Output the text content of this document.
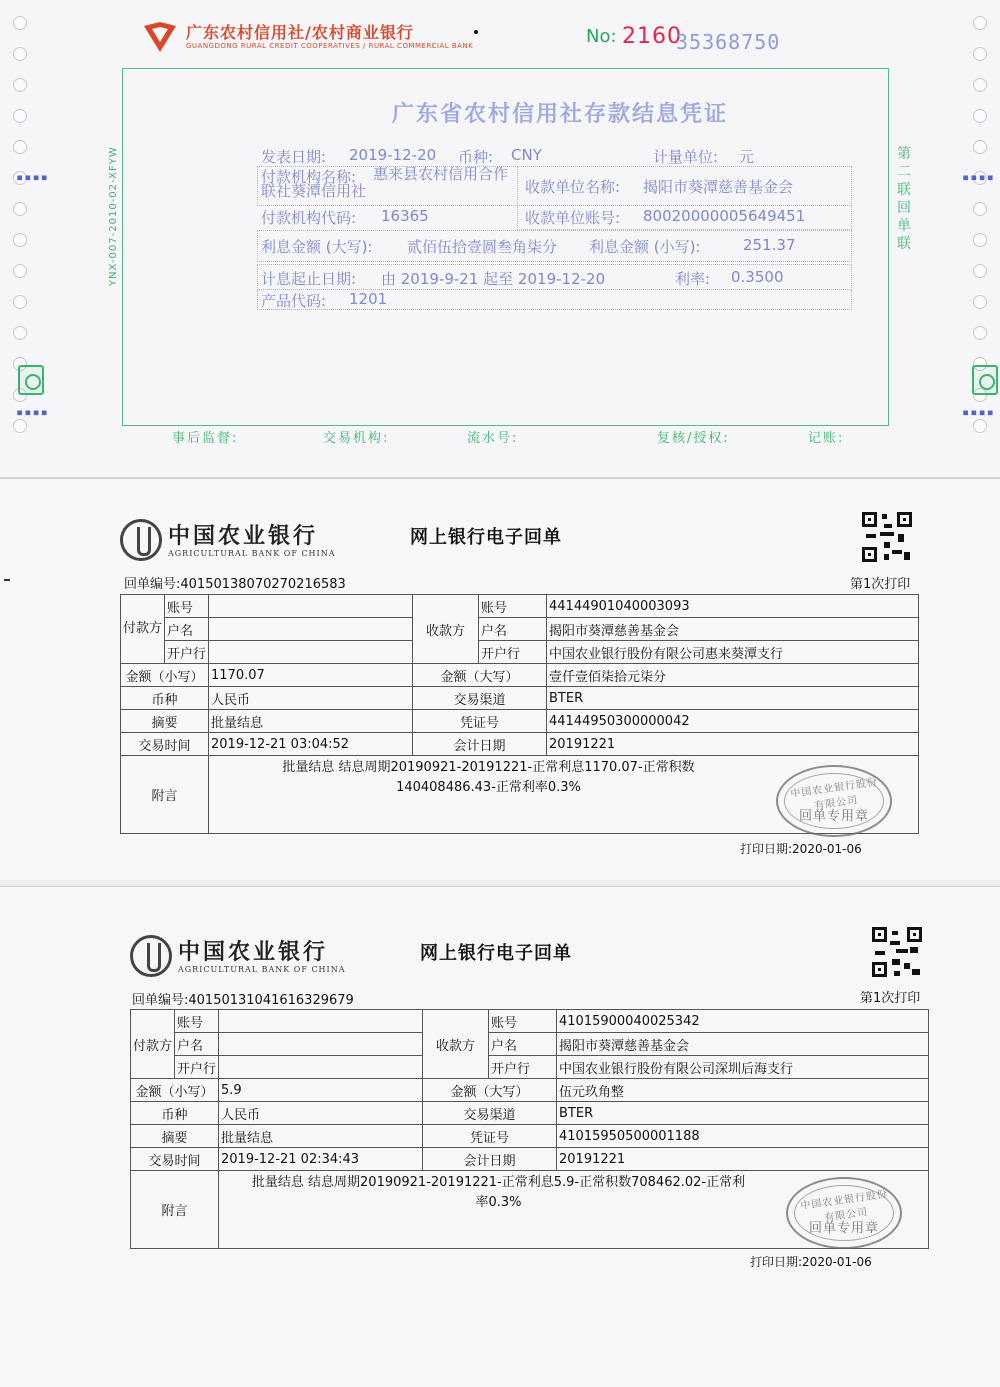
▪▪▪▪	▪▪▪▪
▪▪▪▪	▪▪▪▪
广东农村信用社/农村商业银行
GUANGDONG RURAL CREDIT COOPERATIVES / RURAL COMMERCIAL BANK	No: 2160
35368750
广东省农村信用社存款结息凭证
YNX-007-2010-02-XFYW	第二联 回单联
事后监督:	交易机构:	流水号:	复核/授权:	记账:
发表日期: 2019-12-20 币种: CNY	计量单位: 元
付款机构名称:	惠来县农村信用合作联社葵潭信用社	收款单位名称: 揭阳市葵潭慈善基金会
付款机构代码: 16365	收款单位账号: 80020000005649451
利息金额 (大写): 贰佰伍拾壹圆叁角柒分 利息金额 (小写):	251.37
计息起止日期: 由 2019-9-21 起至 2019-12-20	利率: 0.3500
产品代码: 1201
中国农业银行
AGRICULTURAL BANK OF CHINA
网上银行电子回单
回单编号:40150138070270216583	第1次打印
付款方	账号		收款方	账号	44144901040003093
	户名			户名	揭阳市葵潭慈善基金会
	开户行			开户行	中国农业银行股份有限公司惠来葵潭支行
金额（小写）		1170.07	金额（大写）		壹仟壹佰柒拾元柒分
币种		人民币	交易渠道		BTER
摘要		批量结息	凭证号		44144950300000042
交易时间		2019-12-21 03:04:52	会计日期		20191221
附言		批量结息 结息周期20190921-20191221-正常利息1170.07-正常积数140408486.43-正常利率0.3%				中国农业银行股份有限公司
回单专用章
打印日期:2020-01-06
中国农业银行
AGRICULTURAL BANK OF CHINA
网上银行电子回单
回单编号:40150131041616329679	第1次打印
付款方	账号		收款方	账号	41015900040025342
	户名			户名	揭阳市葵潭慈善基金会
	开户行			开户行	中国农业银行股份有限公司深圳后海支行
金额（小写）		5.9	金额（大写）		伍元玖角整
币种		人民币	交易渠道		BTER
摘要		批量结息	凭证号		41015950500001188
交易时间		2019-12-21 02:34:43	会计日期		20191221
附言		批量结息 结息周期20190921-20191221-正常利息5.9-正常积数708462.02-正常利率0.3%				中国农业银行股份有限公司
回单专用章
打印日期:2020-01-06
